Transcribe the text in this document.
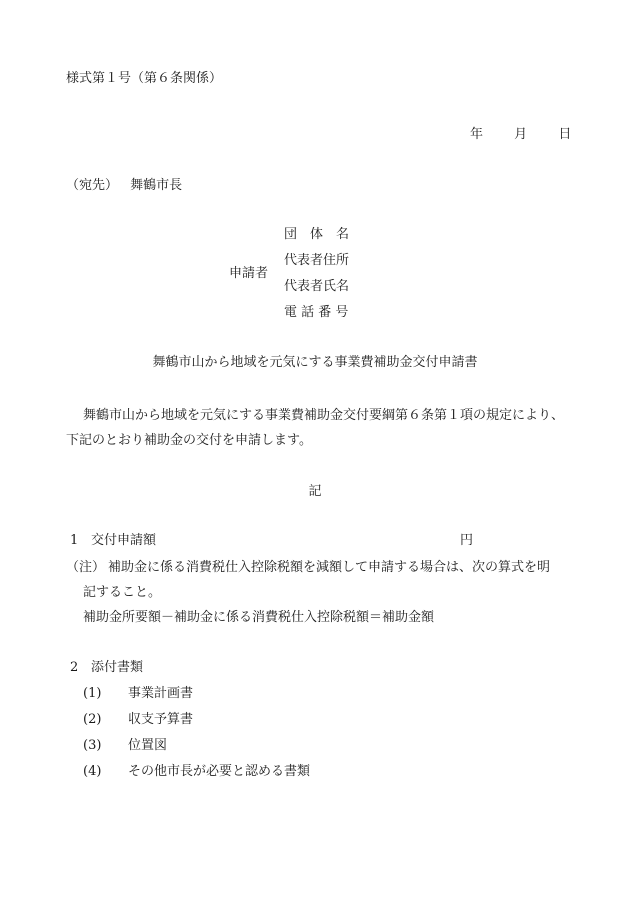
様式第１号（第６条関係）
年 月 日
（宛先） 舞鶴市長
申請者
団　体　名
代表者住所
代表者氏名
電 話 番 号
舞鶴市山から地域を元気にする事業費補助金交付申請書
舞鶴市山から地域を元気にする事業費補助金交付要綱第６条第１項の規定により、
下記のとおり補助金の交付を申請します。
記
1 交付申請額	円
（注） 補助金に係る消費税仕入控除税額を減額して申請する場合は、次の算式を明
記すること。
補助金所要額－補助金に係る消費税仕入控除税額＝補助金額
2 添付書類
(1) 事業計画書
(2) 収支予算書
(3) 位置図
(4) その他市長が必要と認める書類
